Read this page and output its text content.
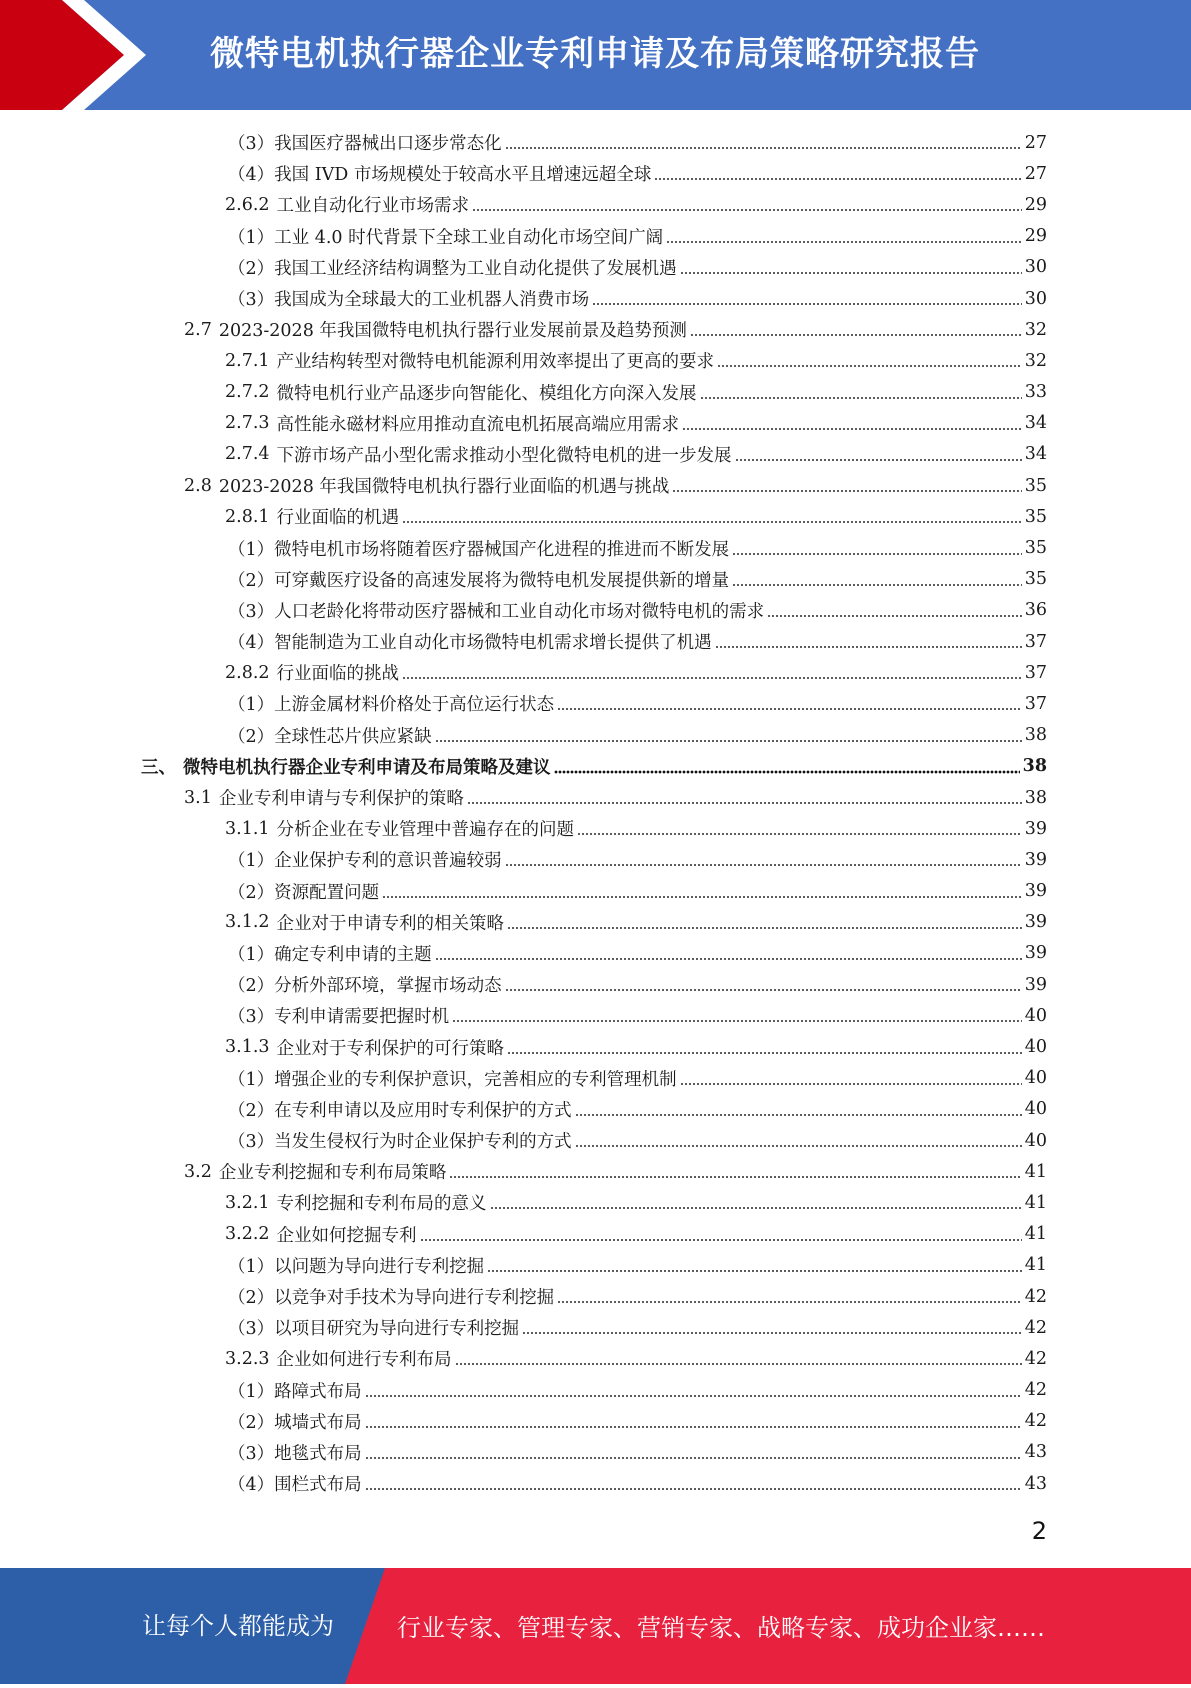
微特电机执行器企业专利申请及布局策略研究报告
（3） 我国医疗器械出口逐步常态化	27
（4） 我国 IVD 市场规模处于较高水平且增速远超全球	27
2.6.2 工业自动化行业市场需求	29
（1） 工业 4.0 时代背景下全球工业自动化市场空间广阔	29
（2） 我国工业经济结构调整为工业自动化提供了发展机遇	30
（3） 我国成为全球最大的工业机器人消费市场	30
2.7 2023-2028 年我国微特电机执行器行业发展前景及趋势预测	32
2.7.1 产业结构转型对微特电机能源利用效率提出了更高的要求	32
2.7.2 微特电机行业产品逐步向智能化、模组化方向深入发展	33
2.7.3 高性能永磁材料应用推动直流电机拓展高端应用需求	34
2.7.4 下游市场产品小型化需求推动小型化微特电机的进一步发展	34
2.8 2023-2028 年我国微特电机执行器行业面临的机遇与挑战	35
2.8.1 行业面临的机遇	35
（1） 微特电机市场将随着医疗器械国产化进程的推进而不断发展	35
（2） 可穿戴医疗设备的高速发展将为微特电机发展提供新的增量	35
（3） 人口老龄化将带动医疗器械和工业自动化市场对微特电机的需求	36
（4） 智能制造为工业自动化市场微特电机需求增长提供了机遇	37
2.8.2 行业面临的挑战	37
（1） 上游金属材料价格处于高位运行状态	37
（2） 全球性芯片供应紧缺	38
三、 微特电机执行器企业专利申请及布局策略及建议	38
3.1 企业专利申请与专利保护的策略	38
3.1.1 分析企业在专业管理中普遍存在的问题	39
（1） 企业保护专利的意识普遍较弱	39
（2） 资源配置问题	39
3.1.2 企业对于申请专利的相关策略	39
（1） 确定专利申请的主题	39
（2） 分析外部环境，掌握市场动态	39
（3） 专利申请需要把握时机	40
3.1.3 企业对于专利保护的可行策略	40
（1） 增强企业的专利保护意识，完善相应的专利管理机制	40
（2） 在专利申请以及应用时专利保护的方式	40
（3） 当发生侵权行为时企业保护专利的方式	40
3.2 企业专利挖掘和专利布局策略	41
3.2.1 专利挖掘和专利布局的意义	41
3.2.2 企业如何挖掘专利	41
（1） 以问题为导向进行专利挖掘	41
（2） 以竞争对手技术为导向进行专利挖掘	42
（3） 以项目研究为导向进行专利挖掘	42
3.2.3 企业如何进行专利布局	42
（1） 路障式布局	42
（2） 城墙式布局	42
（3） 地毯式布局	43
（4） 围栏式布局	43
2
让每个人都能成为	行业专家、管理专家、营销专家、战略专家、成功企业家……
